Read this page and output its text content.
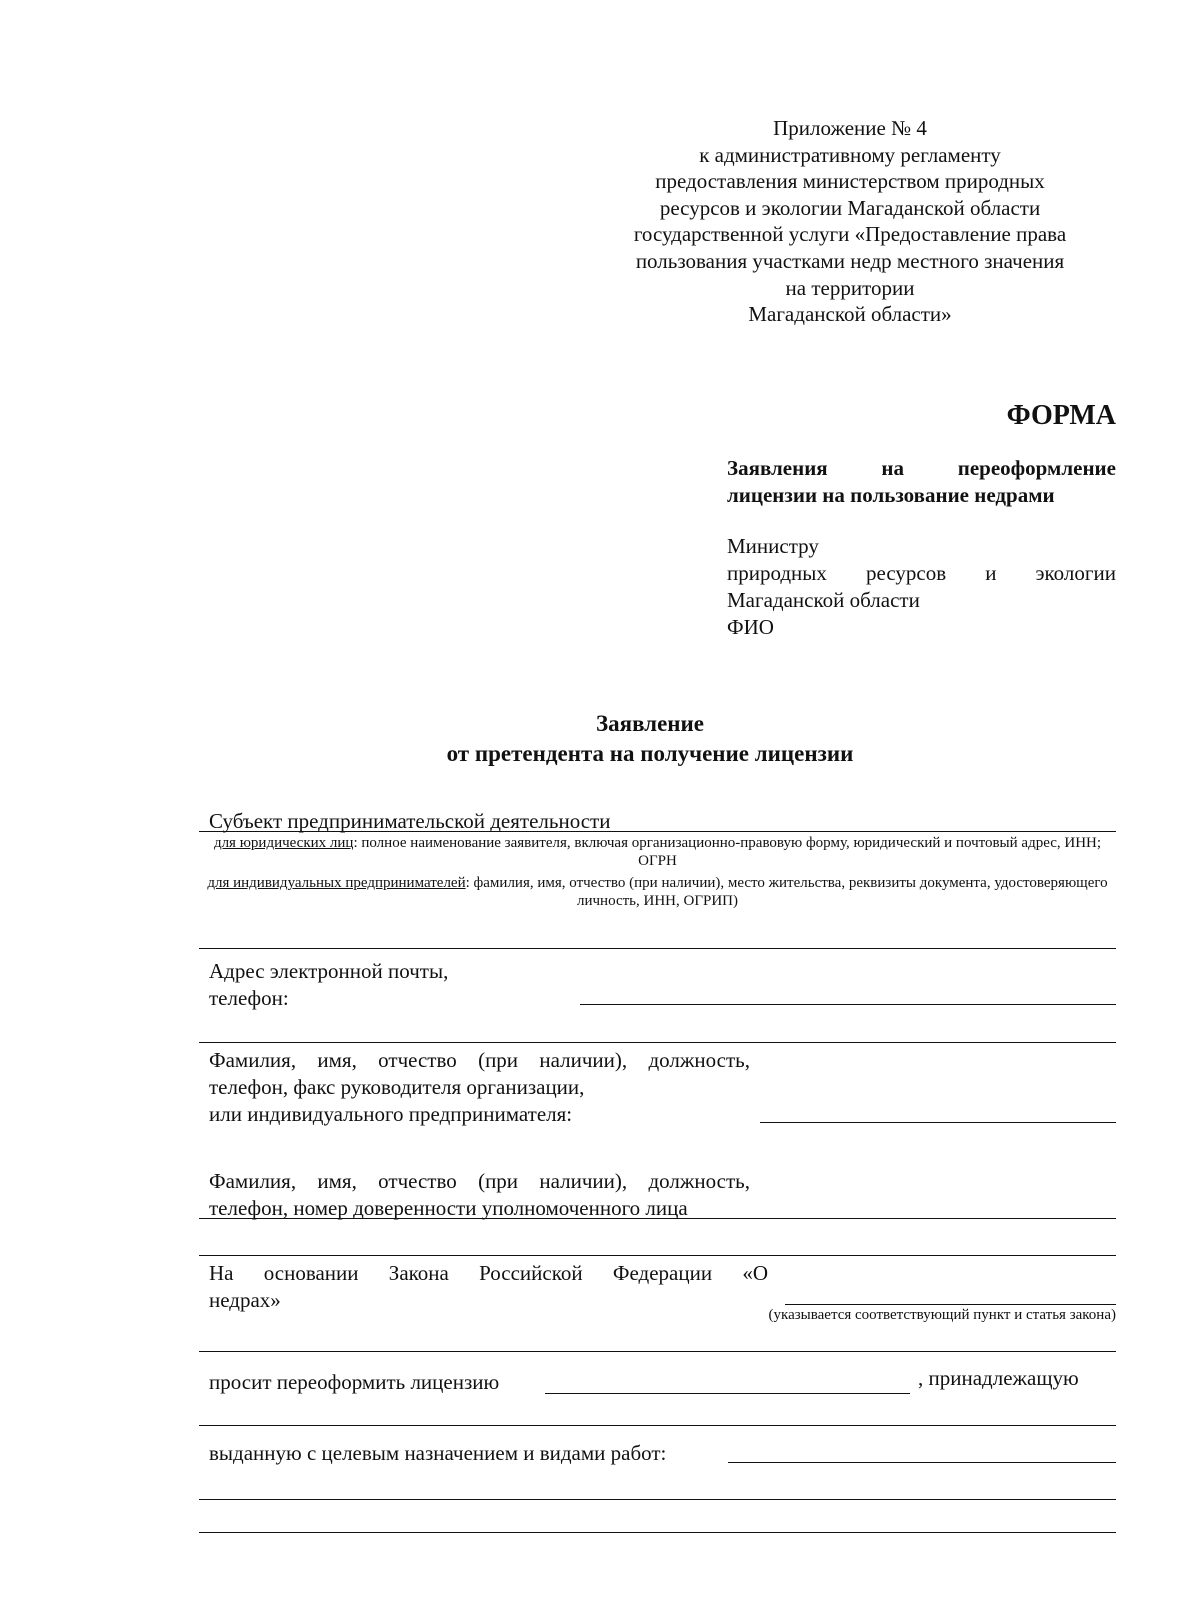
Приложение № 4
к административному регламенту
предоставления министерством природных
ресурсов и экологии Магаданской области
государственной услуги «Предоставление права
пользования участками недр местного значения
на территории
Магаданской области»
ФОРМА
Заявления	на	переоформление
лицензии на пользование недрами
Министру
природных ресурсов и экологии
Магаданской области
ФИО
Заявление
от претендента на получение лицензии
Субъект предпринимательской деятельности
для юридических лиц: полное наименование заявителя, включая организационно-правовую форму, юридический и почтовый адрес, ИНН; ОГРН
для индивидуальных предпринимателей: фамилия, имя, отчество (при наличии), место жительства, реквизиты документа, удостоверяющего личность, ИНН, ОГРИП)
Адрес электронной почты,
телефон:
Фамилия, имя, отчество (при наличии), должность,
телефон, факс руководителя организации,
или индивидуального предпринимателя:
Фамилия, имя, отчество (при наличии), должность,
телефон, номер доверенности уполномоченного лица
На основании Закона Российской Федерации «О
недрах»
(указывается соответствующий пункт и статья закона)
просит переоформить лицензию	, принадлежащую
выданную с целевым назначением и видами работ:
